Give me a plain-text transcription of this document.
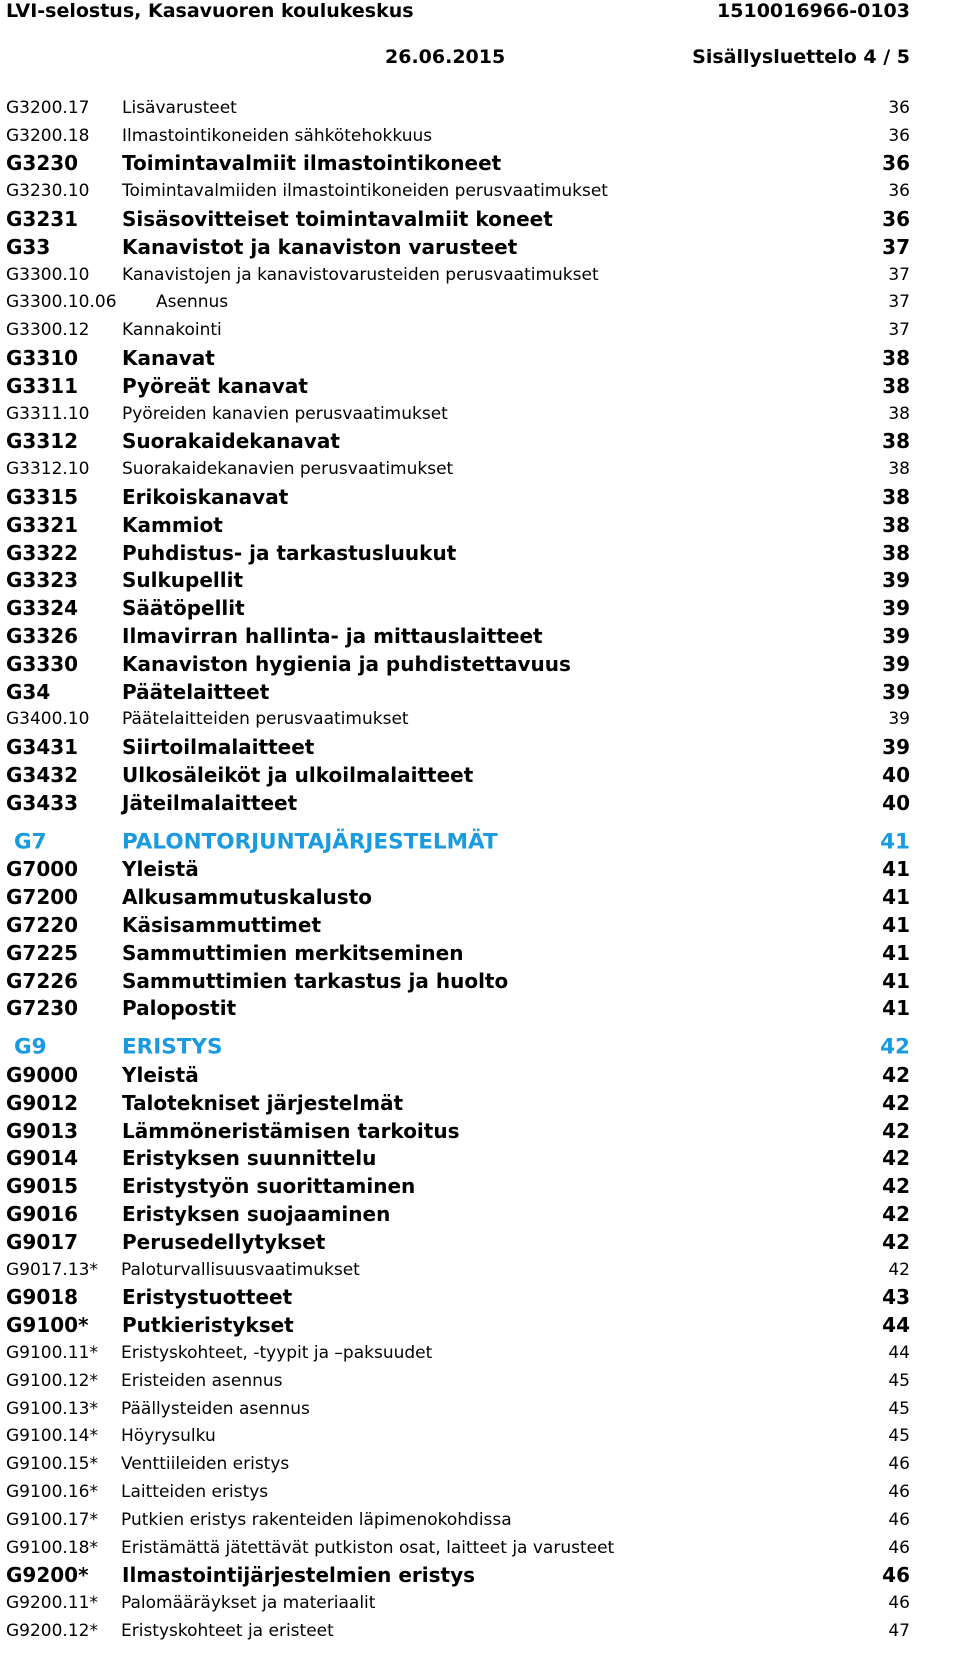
LVI-selostus, Kasavuoren koulukeskus	1510016966-0103
26.06.2015	Sisällysluettelo 4 / 5
G3200.17 Lisävarusteet	36
G3200.18 Ilmastointikoneiden sähkötehokkuus	36
G3230 Toimintavalmiit ilmastointikoneet	36
G3230.10 Toimintavalmiiden ilmastointikoneiden perusvaatimukset	36
G3231 Sisäsovitteiset toimintavalmiit koneet	36
G33	Kanavistot ja kanaviston varusteet	37
G3300.10 Kanavistojen ja kanavistovarusteiden perusvaatimukset	37
G3300.10.06 Asennus	37
G3300.12 Kannakointi	37
G3310 Kanavat	38
G3311 Pyöreät kanavat	38
G3311.10 Pyöreiden kanavien perusvaatimukset	38
G3312 Suorakaidekanavat	38
G3312.10 Suorakaidekanavien perusvaatimukset	38
G3315 Erikoiskanavat	38
G3321 Kammiot	38
G3322 Puhdistus- ja tarkastusluukut	38
G3323 Sulkupellit	39
G3324 Säätöpellit	39
G3326 Ilmavirran hallinta- ja mittauslaitteet	39
G3330 Kanaviston hygienia ja puhdistettavuus	39
G34	Päätelaitteet	39
G3400.10 Päätelaitteiden perusvaatimukset	39
G3431 Siirtoilmalaitteet	39
G3432 Ulkosäleiköt ja ulkoilmalaitteet	40
G3433 Jäteilmalaitteet	40
G7	PALONTORJUNTAJÄRJESTELMÄT	41
G7000 Yleistä	41
G7200 Alkusammutuskalusto	41
G7220 Käsisammuttimet	41
G7225 Sammuttimien merkitseminen	41
G7226 Sammuttimien tarkastus ja huolto	41
G7230 Palopostit	41
G9	ERISTYS	42
G9000 Yleistä	42
G9012 Talotekniset järjestelmät	42
G9013 Lämmöneristämisen tarkoitus	42
G9014 Eristyksen suunnittelu	42
G9015 Eristystyön suorittaminen	42
G9016 Eristyksen suojaaminen	42
G9017 Perusedellytykset	42
G9017.13* Paloturvallisuusvaatimukset	42
G9018 Eristystuotteet	43
G9100* Putkieristykset	44
G9100.11* Eristyskohteet, -tyypit ja –paksuudet	44
G9100.12* Eristeiden asennus	45
G9100.13* Päällysteiden asennus	45
G9100.14* Höyrysulku	45
G9100.15* Venttiileiden eristys	46
G9100.16* Laitteiden eristys	46
G9100.17* Putkien eristys rakenteiden läpimenokohdissa	46
G9100.18* Eristämättä jätettävät putkiston osat, laitteet ja varusteet	46
G9200* Ilmastointijärjestelmien eristys	46
G9200.11* Palomääräykset ja materiaalit	46
G9200.12* Eristyskohteet ja eristeet	47
